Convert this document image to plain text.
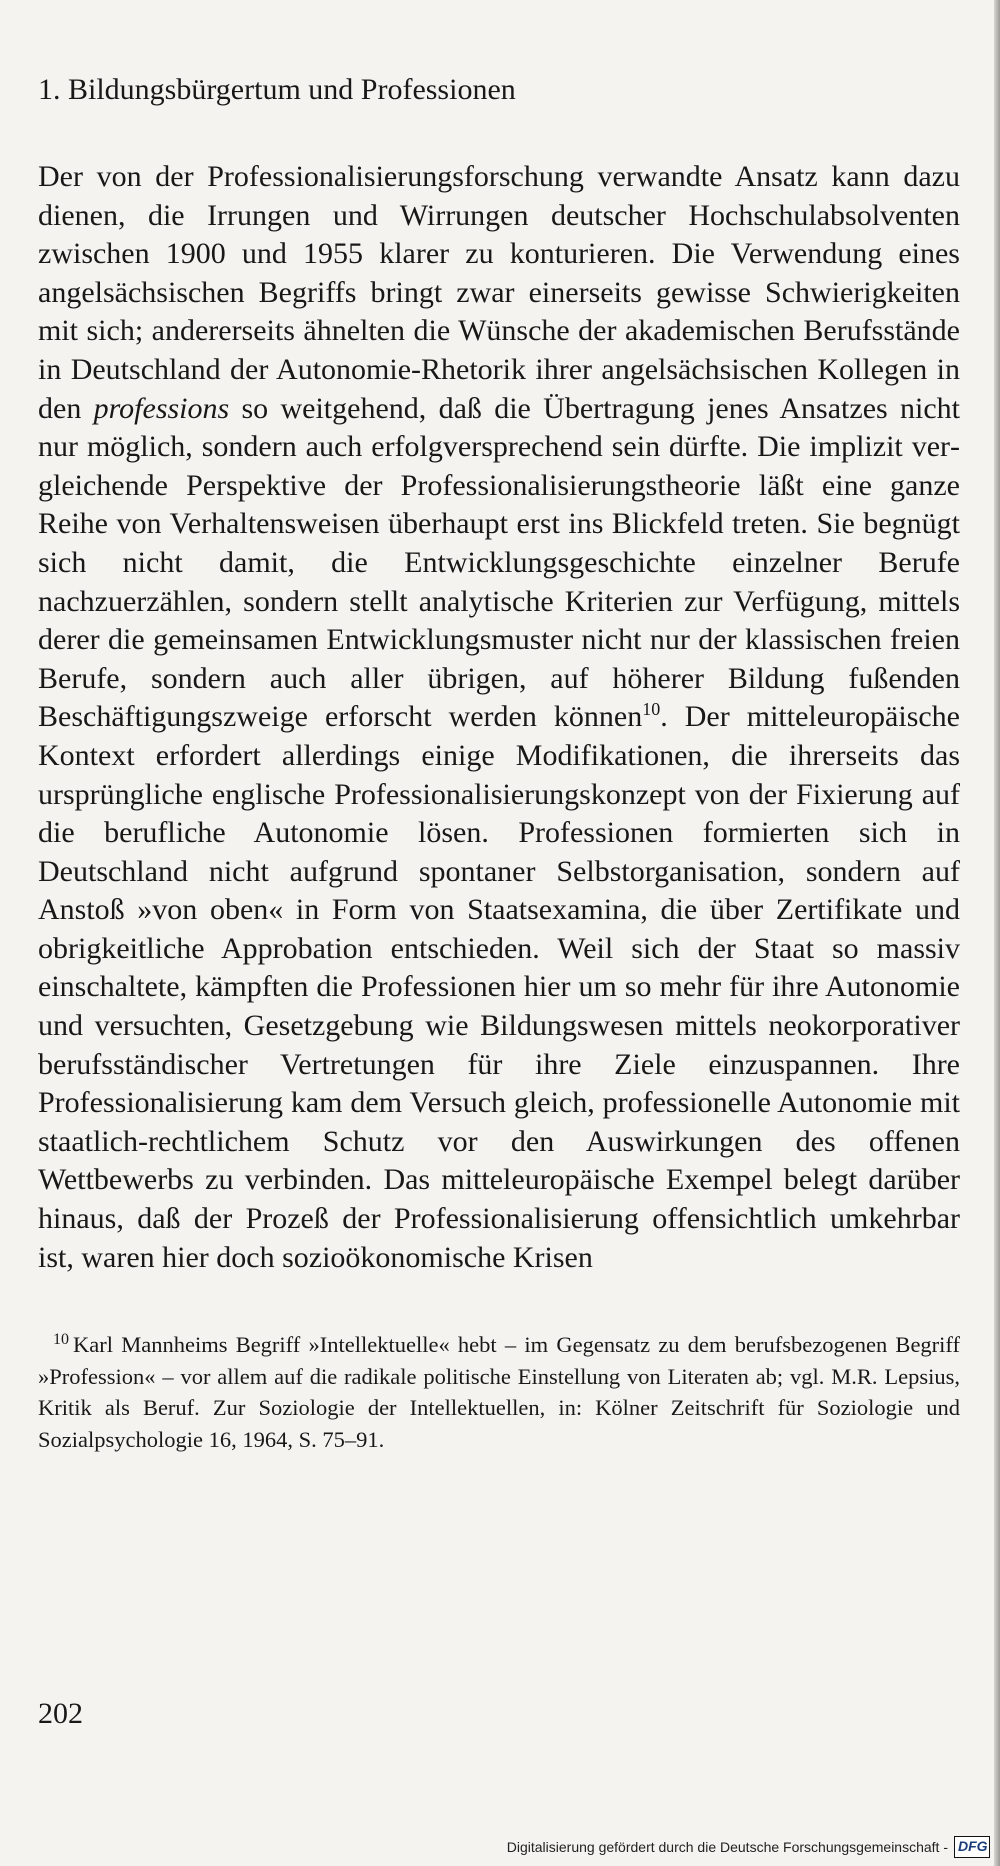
1. Bildungsbürgertum und Professionen

Der von der Professionalisierungsforschung verwandte Ansatz kann dazu dienen, die Irrungen und Wirrungen deutscher Hochschulabsolventen zwischen 1900 und 1955 klarer zu konturieren. Die Verwendung eines angelsächsischen Begriffs bringt zwar einerseits gewisse Schwierigkeiten mit sich; andererseits ähnelten die Wünsche der akademischen Berufsstände in Deutschland der Autonomie-Rhetorik ihrer angelsächsischen Kollegen in den professions so weitgehend, daß die Übertragung jenes Ansatzes nicht nur möglich, sondern auch erfolgversprechend sein dürfte. Die implizit vergleichende Perspektive der Professionalisierungstheorie läßt eine ganze Reihe von Verhaltensweisen überhaupt erst ins Blickfeld treten. Sie begnügt sich nicht damit, die Entwicklungsgeschichte einzelner Berufe nachzuerzählen, sondern stellt analytische Kriterien zur Verfügung, mittels derer die gemeinsamen Entwicklungsmuster nicht nur der klassischen freien Berufe, sondern auch aller übrigen, auf höherer Bildung fußenden Beschäftigungszweige erforscht werden können$^{10}$. Der mitteleuropäische Kontext erfordert allerdings einige Modifikationen, die ihrerseits das ursprüngliche englische Professionalisierungskonzept von der Fixierung auf die berufliche Autonomie lösen. Professionen formierten sich in Deutschland nicht aufgrund spontaner Selbstorganisation, sondern auf Anstoß »von oben« in Form von Staatsexamina, die über Zertifikate und obrigkeitliche Approbation entschieden. Weil sich der Staat so massiv einschaltete, kämpften die Professionen hier um so mehr für ihre Autonomie und versuchten, Gesetzgebung wie Bildungswesen mittels neokorporativer berufsständischer Vertretungen für ihre Ziele einzuspannen. Ihre Professionalisierung kam dem Versuch gleich, professionelle Autonomie mit staatlich-rechtlichem Schutz vor den Auswirkungen des offenen Wettbewerbs zu verbinden. Das mitteleuropäische Exempel belegt darüber hinaus, daß der Prozeß der Professionalisierung offensichtlich umkehrbar ist, waren hier doch sozioökonomische Krisen

$^{10}$ Karl Mannheims Begriff »Intellektuelle« hebt – im Gegensatz zu dem berufsbezogenen Begriff »Profession« – vor allem auf die radikale politische Einstellung von Literaten ab; vgl. M.R. Lepsius, Kritik als Beruf. Zur Soziologie der Intellektuellen, in: Kölner Zeitschrift für Soziologie und Sozialpsychologie 16, 1964, S. 75–91.
202
Digitalisierung gefördert durch die Deutsche Forschungsgemeinschaft - DFG
